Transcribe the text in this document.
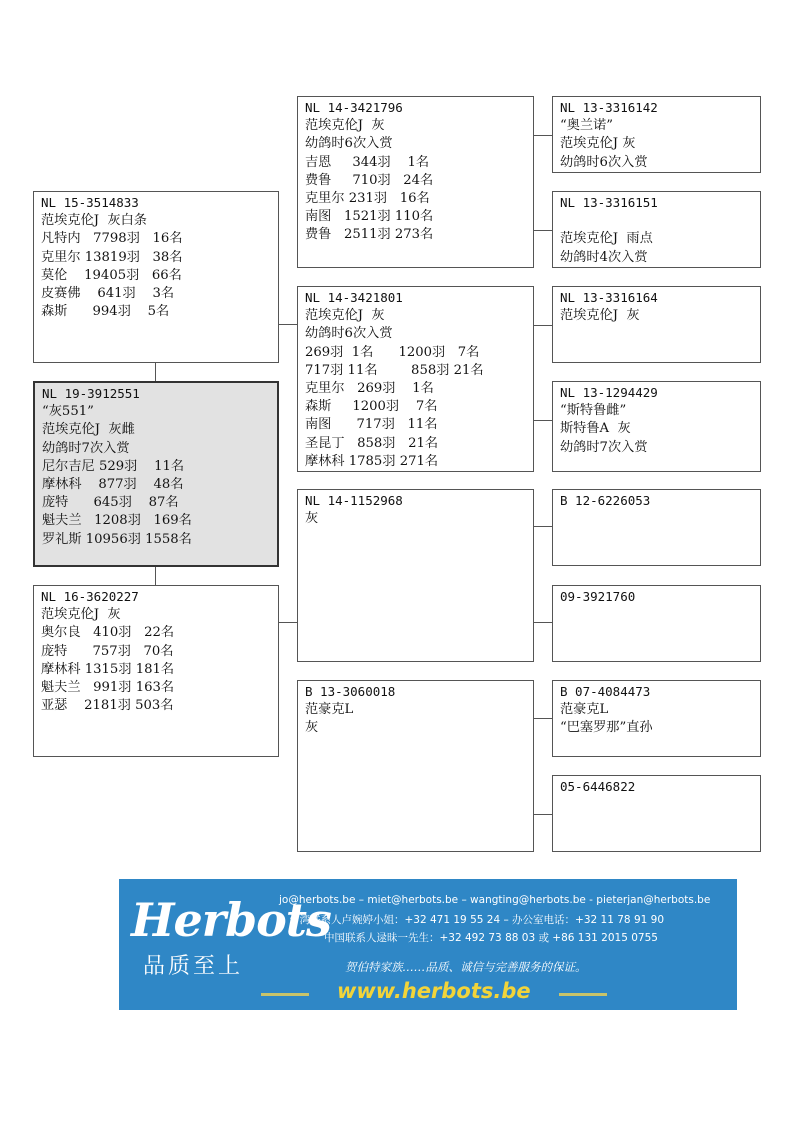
NL 19-3912551
“灰551”
范埃克伦J  灰雌
幼鸽时7次入赏
尼尔吉尼 529羽    11名
摩林科    877羽    48名
庞特      645羽    87名
魁夫兰   1208羽   169名
罗礼斯 10956羽 1558名
NL 15-3514833
范埃克伦J  灰白条
凡特内   7798羽   16名
克里尔 13819羽   38名
莫伦    19405羽   66名
皮赛佛    641羽    3名
森斯      994羽    5名
NL 16-3620227
范埃克伦J  灰
奥尔良   410羽   22名
庞特      757羽   70名
摩林科 1315羽 181名
魁夫兰   991羽 163名
亚瑟    2181羽 503名
NL 14-3421796
范埃克伦J  灰
幼鸽时6次入赏
吉恩     344羽    1名
费鲁     710羽   24名
克里尔 231羽   16名
南图   1521羽 110名
费鲁   2511羽 273名
NL 14-3421801
范埃克伦J  灰
幼鸽时6次入赏
269羽  1名      1200羽   7名
717羽 11名        858羽 21名
克里尔   269羽    1名
森斯     1200羽    7名
南图      717羽   11名
圣昆丁   858羽   21名
摩林科 1785羽 271名
NL 14-1152968
灰
B 13-3060018
范豪克L
灰
NL 13-3316142
“奥兰诺”
范埃克伦J 灰
幼鸽时6次入赏
NL 13-3316151

范埃克伦J  雨点
幼鸽时4次入赏
NL 13-3316164
范埃克伦J  灰
NL 13-1294429
“斯特鲁雌”
斯特鲁A  灰
幼鸽时7次入赏
B 12-6226053
09-3921760
B 07-4084473
范豪克L
“巴塞罗那”直孙
05-6446822
Herbots
品质至上
jo@herbots.be – miet@herbots.be – wangting@herbots.be - pieterjan@herbots.be
台湾联系人卢婉婷小姐：+32 471 19 55 24 – 办公室电话：+32 11 78 91 90
中国联系人逯昧一先生：+32 492 73 88 03 或 +86 131 2015 0755
贺伯特家族……品质、诚信与完善服务的保证。
www.herbots.be
